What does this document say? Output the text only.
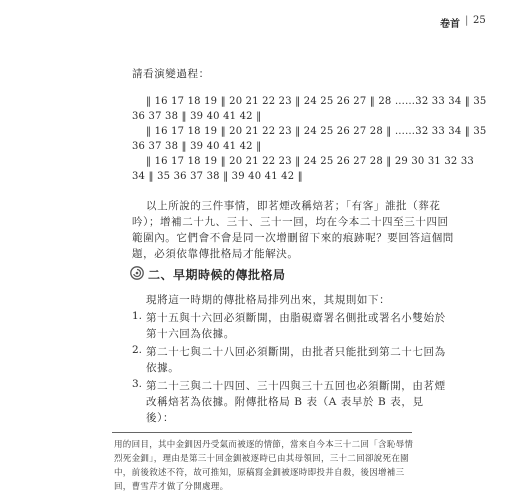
卷首 | 25
請看演變過程：
‖ 16 17 18 19 ‖ 20 21 22 23 ‖ 24 25 26 27 ‖ 28 ……32 33 34 ‖ 35
36 37 38 ‖ 39 40 41 42 ‖
‖ 16 17 18 19 ‖ 20 21 22 23 ‖ 24 25 26 27 28 ‖ ……32 33 34 ‖ 35
36 37 38 ‖ 39 40 41 42 ‖
‖ 16 17 18 19 ‖ 20 21 22 23 ‖ 24 25 26 27 28 ‖ 29 30 31 32 33
34 ‖ 35 36 37 38 ‖ 39 40 41 42 ‖
以上所說的三件事情，即茗煙改稱焙茗；「有客」誰批（葬花
吟）；增補二十九、三十、三十一回，均在今本二十四至三十四回
範圍內。它們會不會是同一次增刪留下來的痕跡呢？要回答這個問
題，必須依靠傳批格局才能解決。
二、早期時候的傳批格局
現將這一時期的傳批格局排列出來，其規則如下：
1. 第十五與十六回必須斷開，由脂硯齋署名側批或署名小雙始於
第十六回為依據。
2. 第二十七與二十八回必須斷開，由批者只能批到第二十七回為
依據。
3. 第二十三與二十四回、三十四與三十五回也必須斷開，由茗煙
改稱焙茗為依據。附傳批格局 B 表（A 表早於 B 表，見
後）：
用的回目，其中金釧因丹受氣而被逐的情節，當來自今本三十二回「含恥辱情
烈死金釧」，理由是第三十回金釧被逐時已由其母領回，三十二回卻說死在園
中，前後敘述不符，故可推知，原稿寫金釧被逐時即投井自殺，後因增補三
回，曹雪芹才做了分開處理。
